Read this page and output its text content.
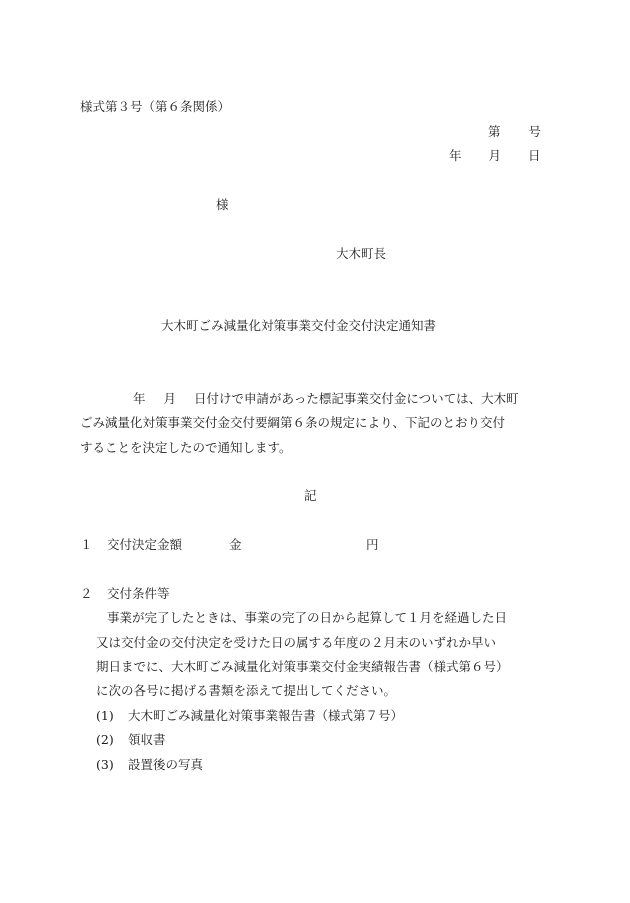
様式第３号（第６条関係）
第 号
年 月 日
様
大木町長
大木町ごみ減量化対策事業交付金交付決定通知書
年 月 日付けで申請があった標記事業交付金については、大木町
ごみ減量化対策事業交付金交付要綱第６条の規定により、下記のとおり交付
することを決定したので通知します。
記
１ 交付決定金額	金	円
２ 交付条件等
事業が完了したときは、事業の完了の日から起算して１月を経過した日
又は交付金の交付決定を受けた日の属する年度の２月末のいずれか早い
期日までに、大木町ごみ減量化対策事業交付金実績報告書（様式第６号）
に次の各号に掲げる書類を添えて提出してください。
(1) 大木町ごみ減量化対策事業報告書（様式第７号）
(2) 領収書
(3) 設置後の写真
